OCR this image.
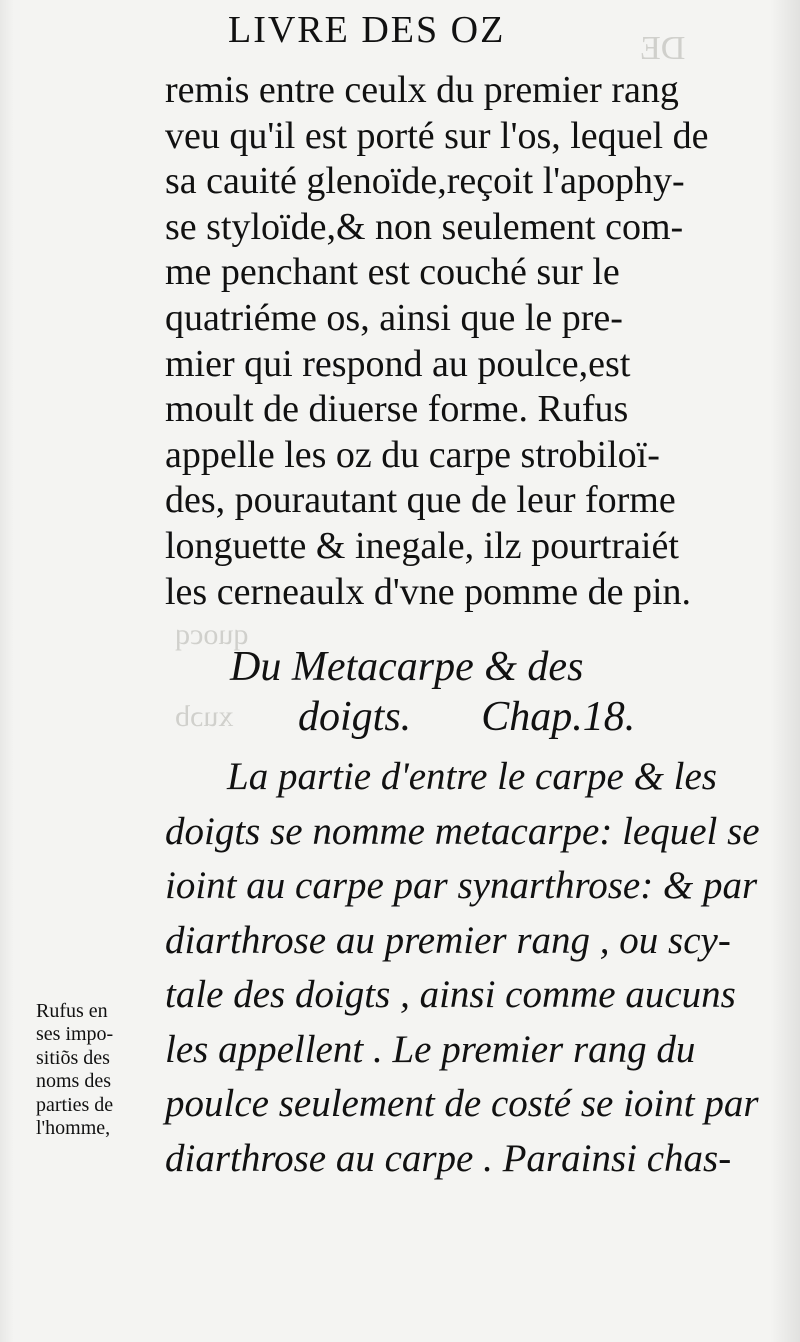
DE
quocq
xuɔb
LIVRE DES OZ
remis entre ceulx du premier rang
veu qu'il est porté sur l'os, lequel de
sa cauité glenoïde,reçoit l'apophy-
se styloïde,& non seulement com-
me penchant est couché sur le
quatriéme os, ainsi que le pre-
mier qui respond au poulce,est
moult de diuerse forme. Rufus
appelle les oz du carpe strobiloï-
des, pourautant que de leur forme
longuette & inegale, ilz pourtraiét
les cerneaulx d'vne pomme de pin.
Du Metacarpe & des
doigts. Chap.18.
La partie d'entre le carpe & les
doigts se nomme metacarpe: lequel se
ioint au carpe par synarthrose: & par
diarthrose au premier rang , ou scy-
tale des doigts , ainsi comme aucuns
les appellent . Le premier rang du
poulce seulement de costé se ioint par
diarthrose au carpe . Parainsi chas-
Rufus en
ses impo-
sitiõs des
noms des
parties de
l'homme,
